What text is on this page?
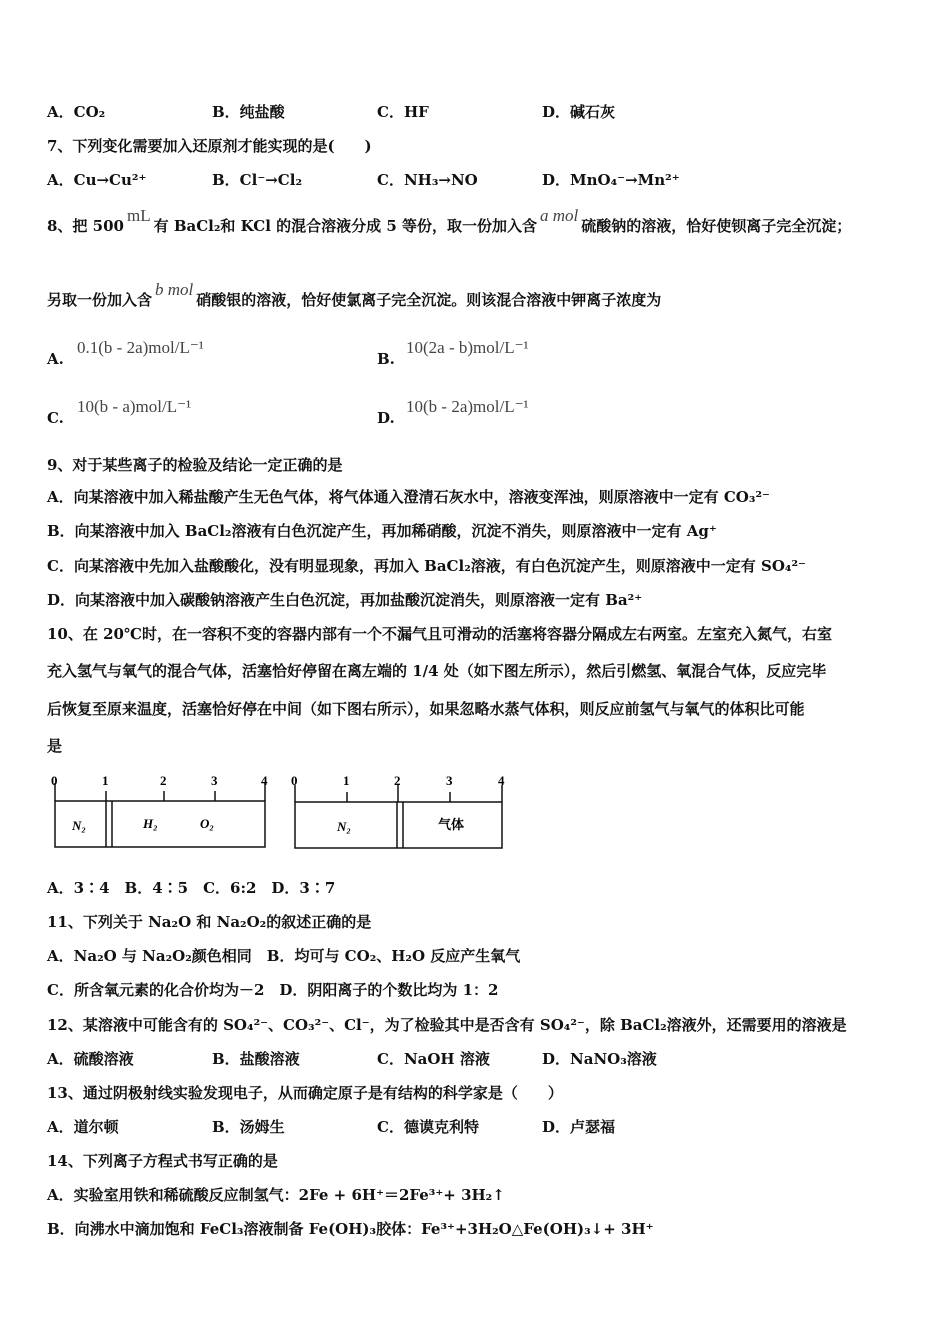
A．CO₂	B．纯盐酸	C．HF	D．碱石灰
7、下列变化需要加入还原剂才能实现的是(　　)
A．Cu→Cu²⁺	B．Cl⁻→Cl₂	C．NH₃→NO	D．MnO₄⁻→Mn²⁺
8、把 500mL有 BaCl₂和 KCl 的混合溶液分成 5 等份，取一份加入含a mol硫酸钠的溶液，恰好使钡离子完全沉淀；
另取一份加入含b mol硝酸银的溶液，恰好使氯离子完全沉淀。则该混合溶液中钾离子浓度为
A.
0.1(b - 2a)mol/L⁻¹
B.
10(2a - b)mol/L⁻¹
C.
10(b - a)mol/L⁻¹
D.
10(b - 2a)mol/L⁻¹
9、对于某些离子的检验及结论一定正确的是
A．向某溶液中加入稀盐酸产生无色气体，将气体通入澄清石灰水中，溶液变浑浊，则原溶液中一定有 CO₃²⁻
B．向某溶液中加入 BaCl₂溶液有白色沉淀产生，再加稀硝酸，沉淀不消失，则原溶液中一定有 Ag⁺
C．向某溶液中先加入盐酸酸化，没有明显现象，再加入 BaCl₂溶液，有白色沉淀产生，则原溶液中一定有 SO₄²⁻
D．向某溶液中加入碳酸钠溶液产生白色沉淀，再加盐酸沉淀消失，则原溶液一定有 Ba²⁺
10、在 20℃时，在一容积不变的容器内部有一个不漏气且可滑动的活塞将容器分隔成左右两室。左室充入氮气，右室
充入氢气与氧气的混合气体，活塞恰好停留在离左端的 1/4 处（如下图左所示），然后引燃氢、氧混合气体，反应完毕
后恢复至原来温度，活塞恰好停在中间（如下图右所示），如果忽略水蒸气体积，则反应前氢气与氧气的体积比可能
是
0	1	2	3	4
N₂	H₂	O₂
0	1	2	3	4
N₂	气体
A．3∶4　B．4∶5　C．6:2　D．3∶7
11、下列关于 Na₂O 和 Na₂O₂的叙述正确的是
A．Na₂O 与 Na₂O₂颜色相同　B．均可与 CO₂、H₂O 反应产生氧气
C．所含氧元素的化合价均为－2　D．阴阳离子的个数比均为 1：2
12、某溶液中可能含有的 SO₄²⁻、CO₃²⁻、Cl⁻，为了检验其中是否含有 SO₄²⁻，除 BaCl₂溶液外，还需要用的溶液是
A．硫酸溶液	B．盐酸溶液	C．NaOH 溶液	D．NaNO₃溶液
13、通过阴极射线实验发现电子，从而确定原子是有结构的科学家是（　　）
A．道尔顿	B．汤姆生	C．德谟克利特	D．卢瑟福
14、下列离子方程式书写正确的是
A．实验室用铁和稀硫酸反应制氢气：2Fe + 6H⁺＝2Fe³⁺+ 3H₂↑
B．向沸水中滴加饱和 FeCl₃溶液制备 Fe(OH)₃胶体：Fe³⁺+3H₂O△Fe(OH)₃↓+ 3H⁺
